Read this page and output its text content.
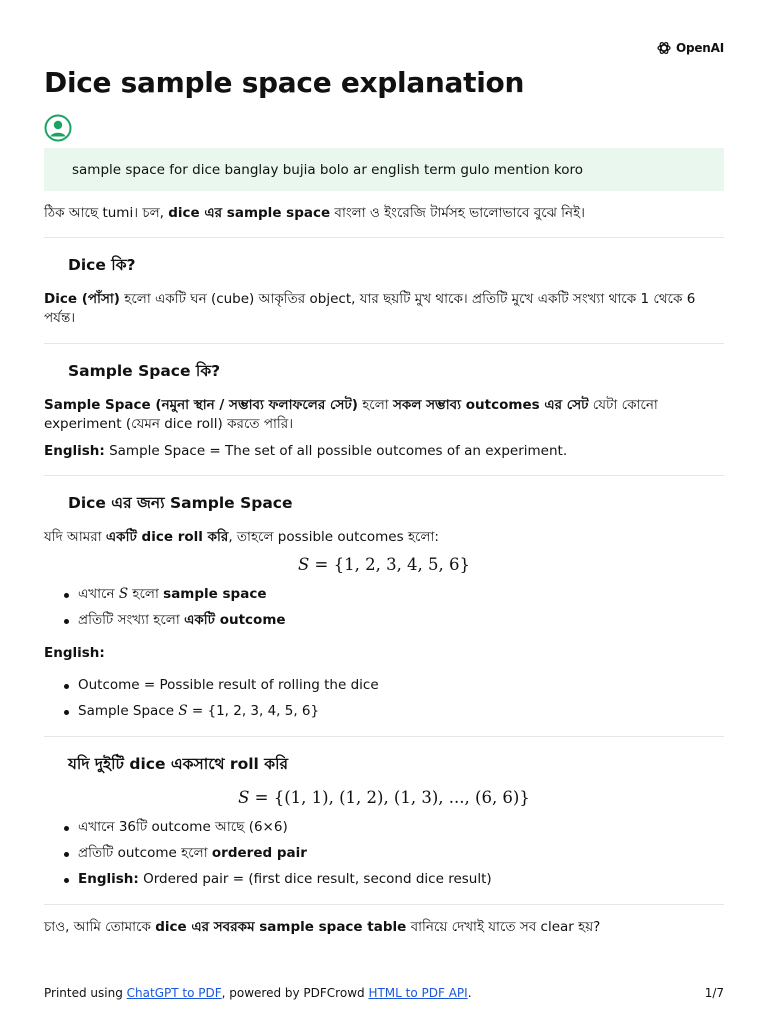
OpenAI
Dice sample space explanation
sample space for dice banglay bujia bolo ar english term gulo mention koro

ঠিক আছে tumi। চল, dice এর sample space বাংলা ও ইংরেজি টার্মসহ ভালোভাবে বুঝে নিই।

Dice কি?

Dice (পাঁসা) হলো একটি ঘন (cube) আকৃতির object, যার ছয়টি মুখ থাকে। প্রতিটি মুখে একটি সংখ্যা থাকে 1 থেকে 6 পর্যন্ত।

Sample Space কি?

Sample Space (নমুনা স্থান / সম্ভাব্য ফলাফলের সেট) হলো সকল সম্ভাব্য outcomes এর সেট যেটা কোনো experiment (যেমন dice roll) করতে পারি।

English: Sample Space = The set of all possible outcomes of an experiment.

Dice এর জন্য Sample Space

যদি আমরা একটি dice roll করি, তাহলে possible outcomes হলো:

S = {1, 2, 3, 4, 5, 6}
এখানে S হলো sample space
প্রতিটি সংখ্যা হলো একটি outcome

English:

Outcome = Possible result of rolling the dice
Sample Space S = {1, 2, 3, 4, 5, 6}
যদি দুইটি dice একসাথে roll করি
S = {(1, 1), (1, 2), (1, 3), ..., (6, 6)}
এখানে 36টি outcome আছে (6×6)
প্রতিটি outcome হলো ordered pair
English: Ordered pair = (first dice result, second dice result)

চাও, আমি তোমাকে dice এর সবরকম sample space table বানিয়ে দেখাই যাতে সব clear হয়?

Printed using ChatGPT to PDF, powered by PDFCrowd HTML to PDF API.	1/7
